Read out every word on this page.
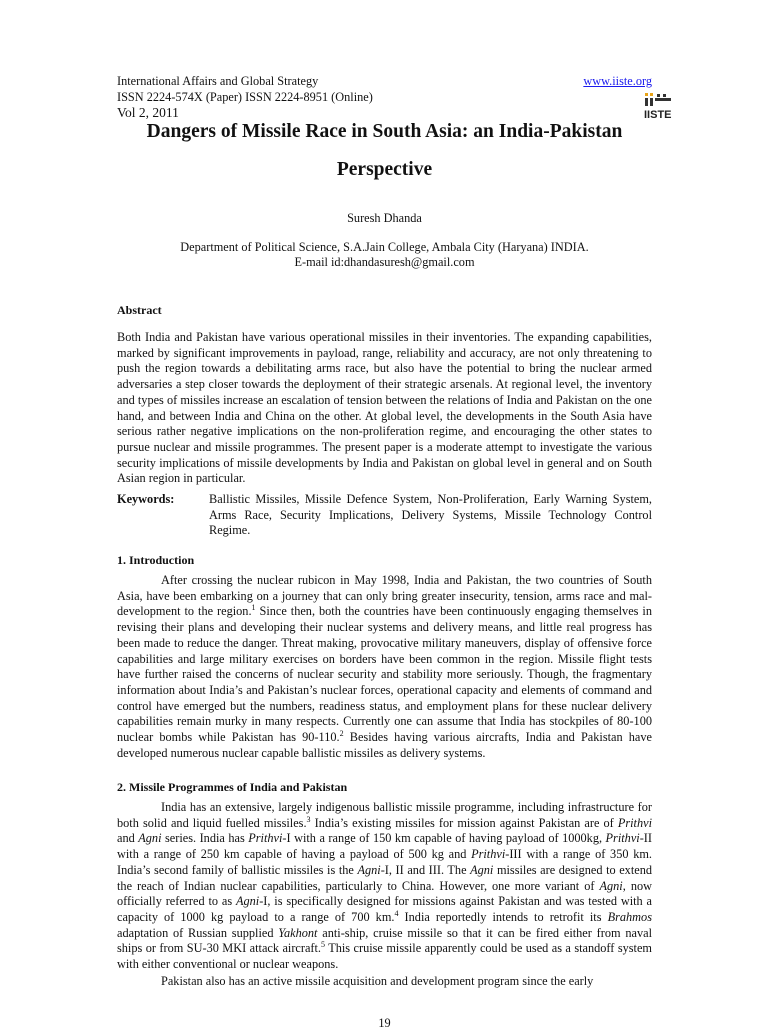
International Affairs and Global Strategy
ISSN 2224-574X (Paper) ISSN 2224-8951 (Online)
Vol 2, 2011
www.iiste.org
IISTE
Dangers of Missile Race in South Asia: an India-Pakistan
Perspective
Suresh Dhanda
Department of Political Science, S.A.Jain College, Ambala City (Haryana) INDIA.
E-mail id:dhandasuresh@gmail.com
Abstract

Both India and Pakistan have various operational missiles in their inventories. The expanding capabilities, marked by significant improvements in payload, range, reliability and accuracy, are not only threatening to push the region towards a debilitating arms race, but also have the potential to bring the nuclear armed adversaries a step closer towards the deployment of their strategic arsenals. At regional level, the inventory and types of missiles increase an escalation of tension between the relations of India and Pakistan on the one hand, and between India and China on the other. At global level, the developments in the South Asia have serious rather negative implications on the non-proliferation regime, and encouraging the other states to pursue nuclear and missile programmes. The present paper is a moderate attempt to investigate the various security implications of missile developments by India and Pakistan on global level in general and on South Asian region in particular.

Keywords:	Ballistic Missiles, Missile Defence System, Non-Proliferation, Early Warning System, Arms Race, Security Implications, Delivery Systems, Missile Technology Control Regime.
1. Introduction

After crossing the nuclear rubicon in May 1998, India and Pakistan, the two countries of South Asia, have been embarking on a journey that can only bring greater insecurity, tension, arms race and mal-development to the region.$^1$ Since then, both the countries have been continuously engaging themselves in revising their plans and developing their nuclear systems and delivery means, and little real progress has been made to reduce the danger. Threat making, provocative military maneuvers, display of offensive force capabilities and large military exercises on borders have been common in the region. Missile flight tests have further raised the concerns of nuclear security and stability more seriously. Though, the fragmentary information about India’s and Pakistan’s nuclear forces, operational capacity and elements of command and control have emerged but the numbers, readiness status, and employment plans for these nuclear delivery capabilities remain murky in many respects. Currently one can assume that India has stockpiles of 80-100 nuclear bombs while Pakistan has 90-110.$^2$ Besides having various aircrafts, India and Pakistan have developed numerous nuclear capable ballistic missiles as delivery systems.

2. Missile Programmes of India and Pakistan

India has an extensive, largely indigenous ballistic missile programme, including infrastructure for both solid and liquid fuelled missiles.$^3$ India’s existing missiles for mission against Pakistan are of Prithvi and Agni series. India has Prithvi-I with a range of 150 km capable of having payload of 1000kg, Prithvi-II with a range of 250 km capable of having a payload of 500 kg and Prithvi-III with a range of 350 km. India’s second family of ballistic missiles is the Agni-I, II and III. The Agni missiles are designed to extend the reach of Indian nuclear capabilities, particularly to China. However, one more variant of Agni, now officially referred to as Agni-I, is specifically designed for missions against Pakistan and was tested with a capacity of 1000 kg payload to a range of 700 km.$^4$ India reportedly intends to retrofit its Brahmos adaptation of Russian supplied Yakhont anti-ship, cruise missile so that it can be fired either from naval ships or from SU-30 MKI attack aircraft.$^5$ This cruise missile apparently could be used as a standoff system with either conventional or nuclear weapons.

Pakistan also has an active missile acquisition and development program since the early

19
